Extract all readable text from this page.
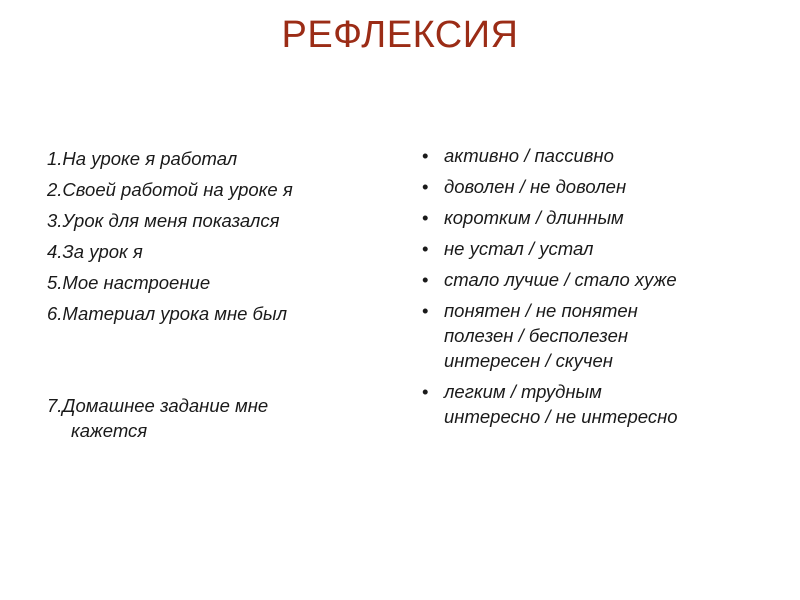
РЕФЛЕКСИЯ
1.На уроке я работал
2.Своей работой на уроке я
3.Урок для меня показался
4.За урок я
5.Мое настроение
6.Материал урока мне был
7.Домашнее задание мне
кажется
• активно / пассивно
• доволен / не доволен
• коротким / длинным
• не устал / устал
• стало лучше / стало хуже
• понятен / не понятен
полезен / бесполезен
интересен / скучен
• легким / трудным
интересно / не интересно
